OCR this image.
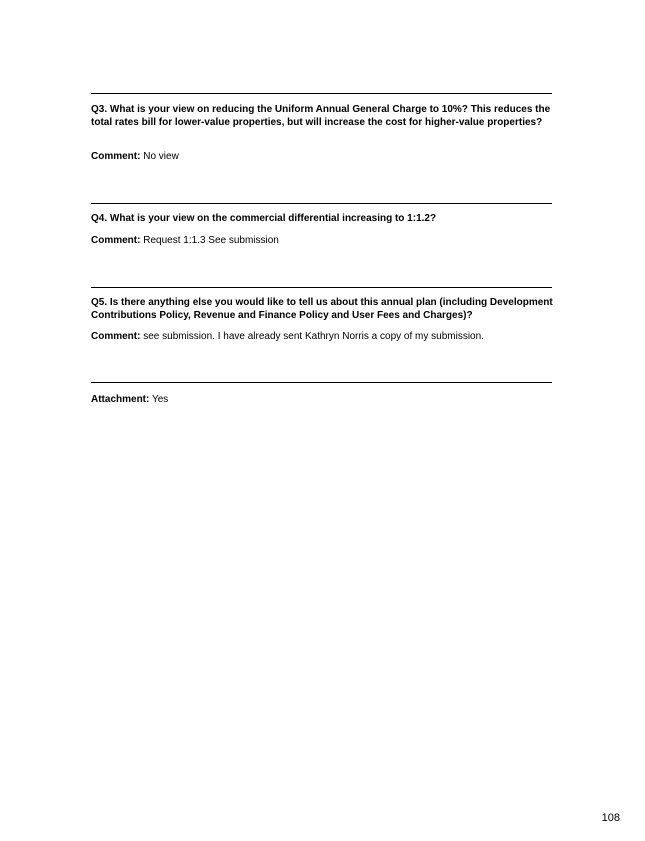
Q3. What is your view on reducing the Uniform Annual General Charge to 10%? This reduces the total rates bill for lower-value properties, but will increase the cost for higher-value properties?
Comment: No view
Q4. What is your view on the commercial differential increasing to 1:1.2?
Comment: Request 1:1.3 See submission
Q5. Is there anything else you would like to tell us about this annual plan (including Development Contributions Policy, Revenue and Finance Policy and User Fees and Charges)?
Comment: see submission. I have already sent Kathryn Norris a copy of my submission.
Attachment: Yes
108
